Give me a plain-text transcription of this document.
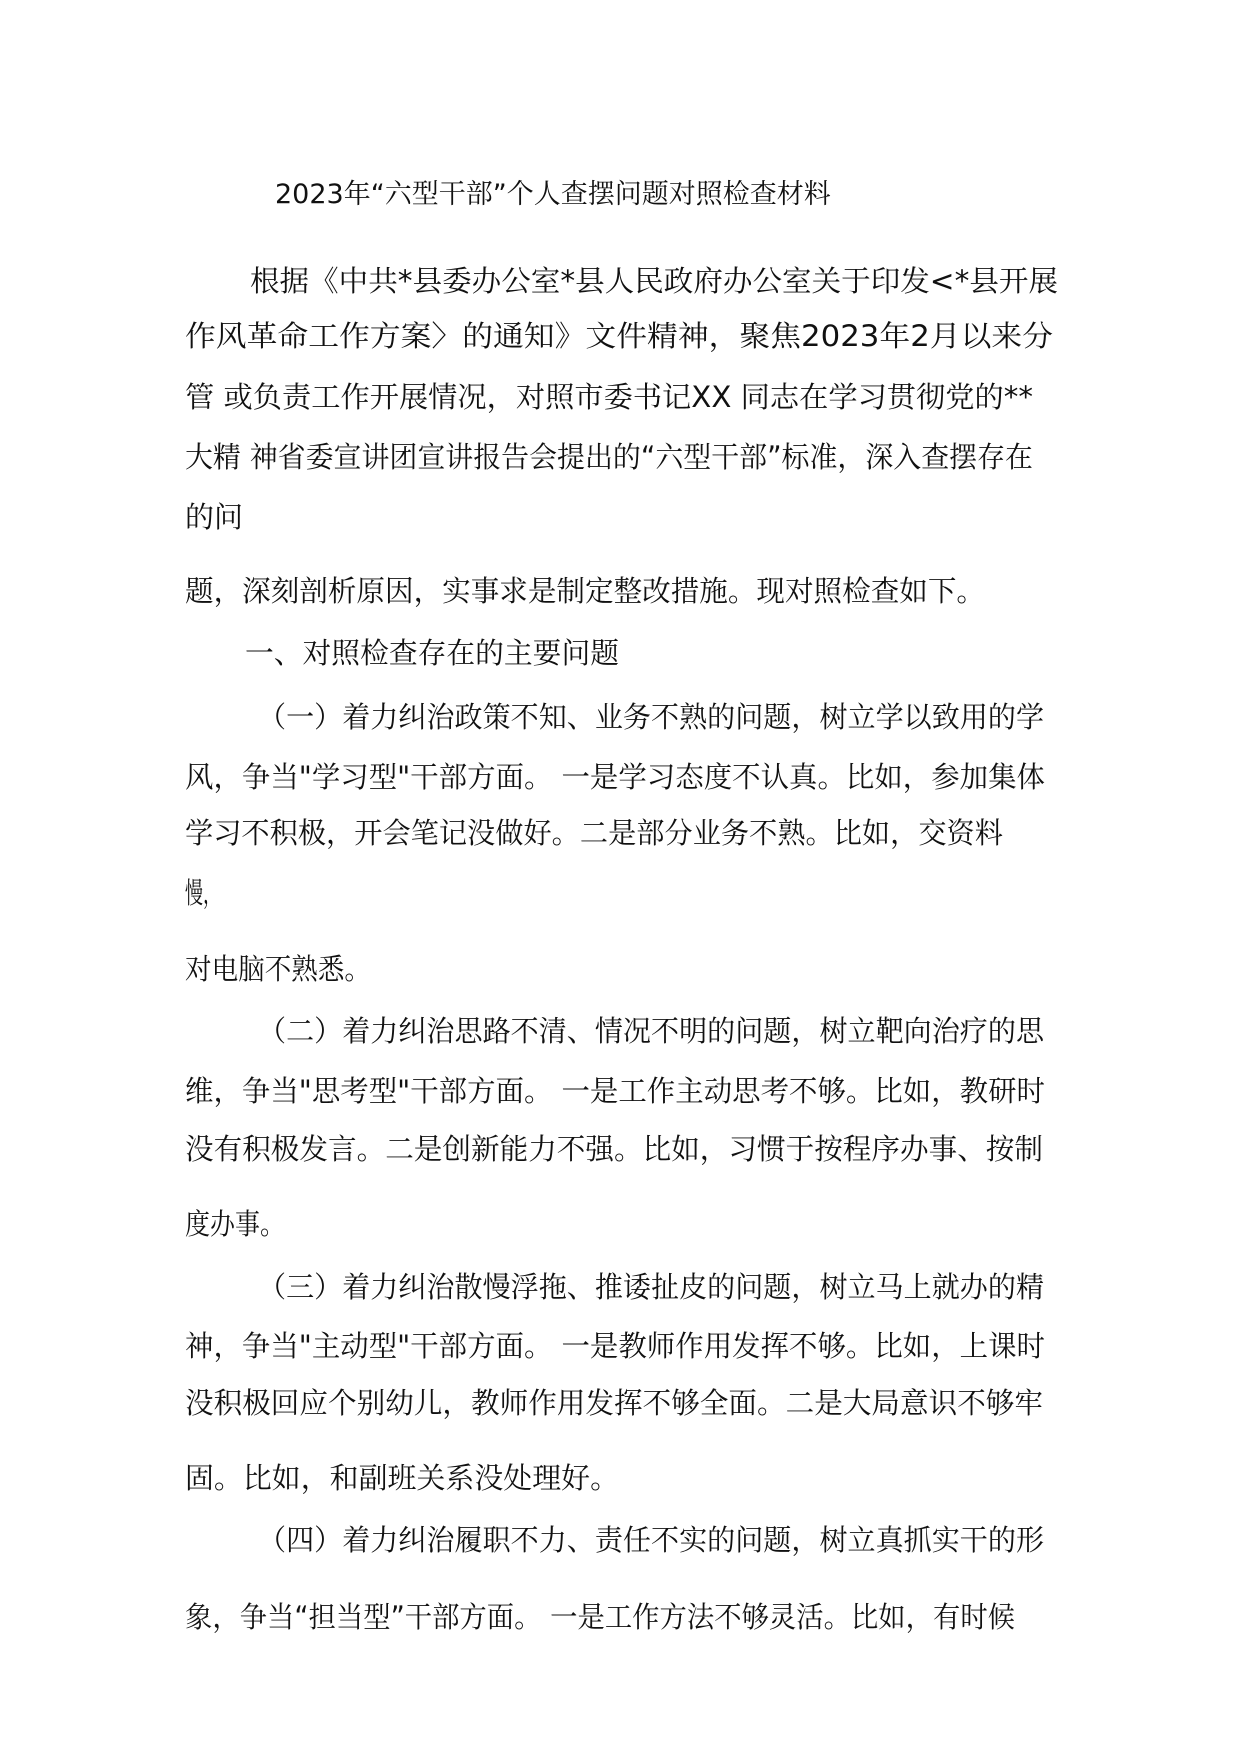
2023年“六型干部”个人查摆问题对照检查材料
根据《中共*县委办公室*县人民政府办公室关于印发<*县开展
作风革命工作方案〉的通知》文件精神，聚焦2023年2月以来分
管 或负责工作开展情况，对照市委书记XX 同志在学习贯彻党的**
大精 神省委宣讲团宣讲报告会提出的“六型干部”标准，深入查摆存在
的问
题，深刻剖析原因，实事求是制定整改措施。现对照检查如下。
一、对照检查存在的主要问题
（一）着力纠治政策不知、业务不熟的问题，树立学以致用的学
风，争当"学习型"干部方面。 一是学习态度不认真。比如，参加集体
学习不积极，开会笔记没做好。二是部分业务不熟。比如，交资料
慢，
对电脑不熟悉。
（二）着力纠治思路不清、情况不明的问题，树立靶向治疗的思
维，争当"思考型"干部方面。 一是工作主动思考不够。比如，教研时
没有积极发言。二是创新能力不强。比如，习惯于按程序办事、按制
度办事。
（三）着力纠治散慢浮拖、推诿扯皮的问题，树立马上就办的精
神，争当"主动型"干部方面。 一是教师作用发挥不够。比如，上课时
没积极回应个别幼儿，教师作用发挥不够全面。二是大局意识不够牢
固。比如，和副班关系没处理好。
（四）着力纠治履职不力、责任不实的问题，树立真抓实干的形
象，争当“担当型”干部方面。 一是工作方法不够灵活。比如，有时候
